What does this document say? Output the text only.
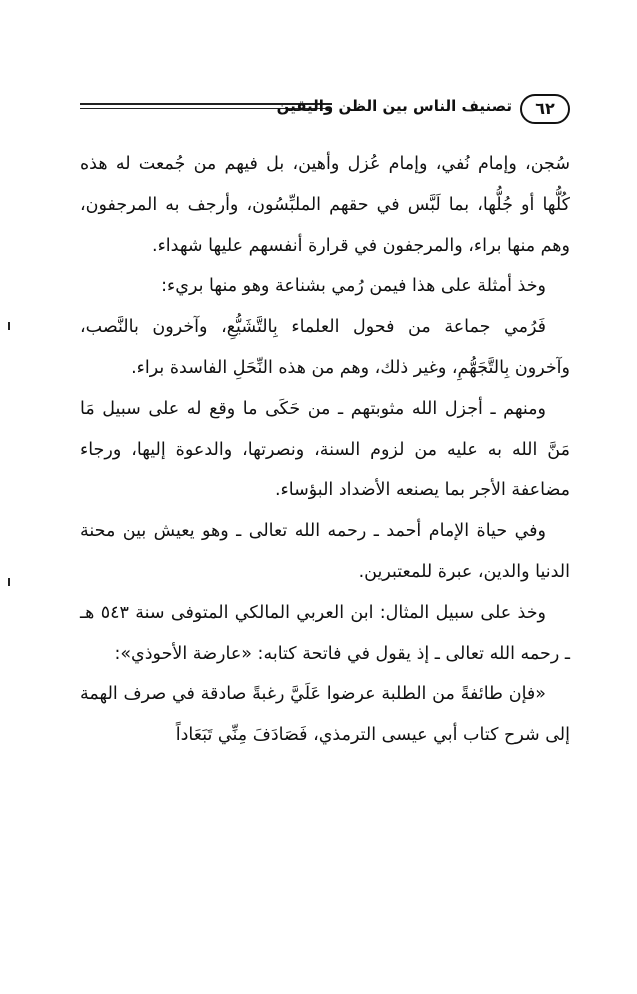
تصنيف الناس بين الظن واليقين	٦٢

سُجن، وإمام نُفي، وإمام عُزل وأهين، بل فيهم من جُمعت له هذه كُلُّها أو جُلُّها، بما لَبَّس في حقهم الملبِّسُون، وأرجف به المرجفون، وهم منها براء، والمرجفون في قرارة أنفسهم عليها شهداء.

وخذ أمثلة على هذا فيمن رُمي بشناعة وهو منها بريء:

فَرُمي جماعة من فحول العلماء بِالتَّشَيُّعِ، وآخرون بالنَّصب، وآخرون بِالتَّجَهُّمِ، وغير ذلك، وهم من هذه النِّحَلِ الفاسدة براء.

ومنهم ـ أجزل الله مثوبتهم ـ من حَكَى ما وقع له على سبيل مَا مَنَّ الله به عليه من لزوم السنة، ونصرتها، والدعوة إليها، ورجاء مضاعفة الأجر بما يصنعه الأضداد البؤساء.

وفي حياة الإمام أحمد ـ رحمه الله تعالى ـ وهو يعيش بين محنة الدنيا والدين، عبرة للمعتبرين.

وخذ على سبيل المثال: ابن العربي المالكي المتوفى سنة ٥٤٣ هـ ـ رحمه الله تعالى ـ إذ يقول في فاتحة كتابه: «عارضة الأحوذي»:

«فإن طائفةً من الطلبة عرضوا عَلَيَّ رغبةً صادقة في صرف الهمة إلى شرح كتاب أبي عيسى الترمذي، فَصَادَفَ مِنِّي تَبَعَاداً
